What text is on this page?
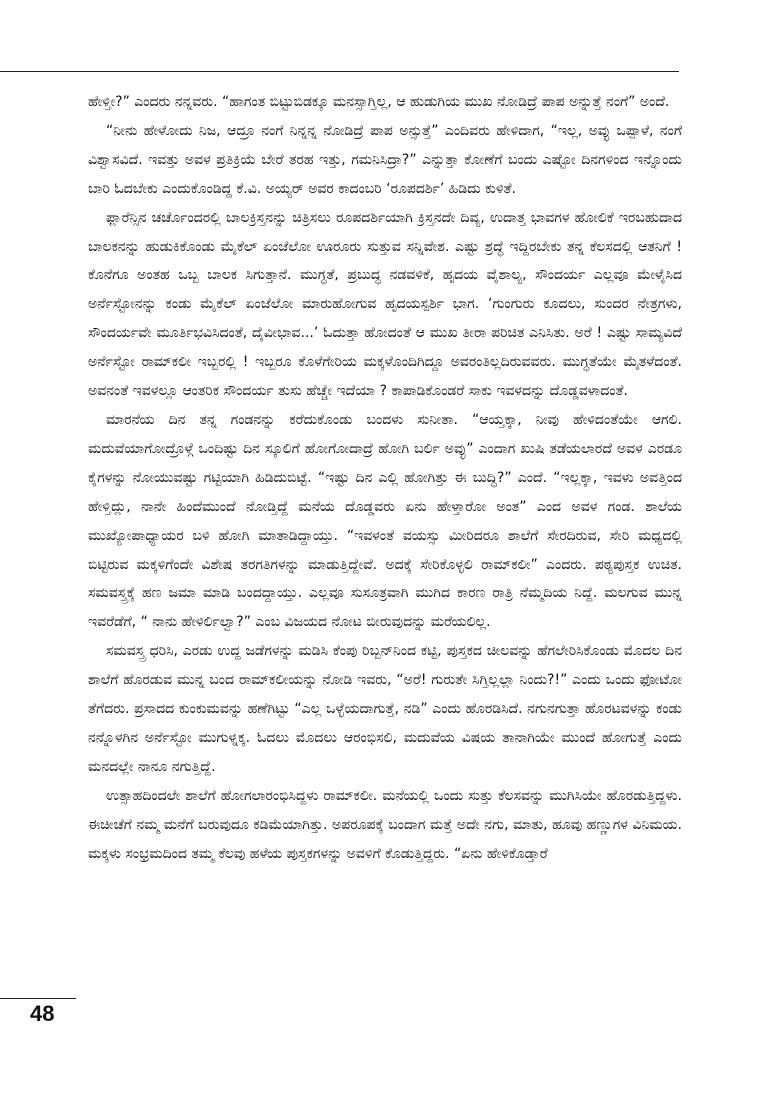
ಹೇಳ್ತೀ?” ಎಂದರು ನನ್ನವರು. “ಹಾಗಂತ ಬಿಟ್ಟುಬಿಡಕ್ಕೂ ಮನಸ್ಸಾಗ್ತಿಲ್ಲ, ಆ ಹುಡುಗಿಯ ಮುಖ ನೋಡಿದ್ರೆ ಪಾಪ ಅನ್ನುತ್ತೆ ನಂಗೆ” ಅಂದೆ.

“ನೀನು ಹೇಳೋದು ನಿಜ, ಆದ್ರೂ ನಂಗೆ ನಿನ್ನನ್ನ ನೋಡಿದ್ರೆ ಪಾಪ ಅನ್ಸುತ್ತೆ” ಎಂದಿವರು ಹೇಳಿದಾಗ, “ಇಲ್ಲ, ಅವ್ಳು ಒಪ್ಪಾಳೆ, ನಂಗೆ ವಿಶ್ವಾಸವಿದೆ. ಇವತ್ತು ಅವಳ ಪ್ರತಿಕ್ರಿಯೆ ಬೇರೆ ತರಹ ಇತ್ತು, ಗಮನಿಸಿದ್ರಾ?” ಎನ್ನುತ್ತಾ ಕೋಣೆಗೆ ಬಂದು ಎಷ್ಟೋ ದಿನಗಳಿಂದ ಇನ್ನೊಂದು ಬಾರಿ ಓದಬೇಕು ಎಂದುಕೊಂಡಿದ್ದ ಕೆ.ವಿ. ಅಯ್ಯರ್ ಅವರ ಕಾದಂಬರಿ ‘ರೂಪದರ್ಶಿ’ ಹಿಡಿದು ಕುಳಿತೆ.

ಫ್ಲಾರೆನ್ಸಿನ ಚರ್ಚೊಂದರಲ್ಲಿ ಬಾಲಕ್ರಿಸ್ತನನ್ನು ಚಿತ್ರಿಸಲು ರೂಪದರ್ಶಿಯಾಗಿ ಕ್ರಿಸ್ತನದೇ ದಿವ್ಯ, ಉದಾತ್ತ ಭಾವಗಳ ಹೋಲಿಕೆ ಇರಬಹುದಾದ ಬಾಲಕನನ್ನು ಹುಡುಕಿಕೊಂಡು ಮೈಕೆಲ್ ಏಂಜೆಲೋ ಊರೂರು ಸುತ್ತುವ ಸನ್ನಿವೇಶ. ಎಷ್ಟು ಶ್ರದ್ಧೆ ಇದ್ದಿರಬೇಕು ತನ್ನ ಕೆಲಸದಲ್ಲಿ ಆತನಿಗೆ ! ಕೊನೆಗೂ ಅಂತಹ ಒಬ್ಬ ಬಾಲಕ ಸಿಗುತ್ತಾನೆ. ಮುಗ್ಧತೆ, ಪ್ರಬುದ್ಧ ನಡವಳಿಕೆ, ಹೃದಯ ವೈಶಾಲ್ಯ, ಸೌಂದರ್ಯ ಎಲ್ಲವೂ ಮೇಳೈಸಿದ ಅರ್ನೆಸ್ಟೋನನ್ನು ಕಂಡು ಮೈಕೆಲ್ ಏಂಜೆಲೋ ಮಾರುಹೋಗುವ ಹೃದಯಸ್ಪರ್ಶಿ ಭಾಗ. ‘ಗುಂಗುರು ಕೂದಲು, ಸುಂದರ ನೇತ್ರಗಳು, ಸೌಂದರ್ಯವೇ ಮೂರ್ತಿಭವಿಸಿದಂತೆ, ದೈವೀಭಾವ...’ ಓದುತ್ತಾ ಹೋದಂತೆ ಆ ಮುಖ ತೀರಾ ಪರಿಚಿತ ಎನಿಸಿತು. ಅರೆ ! ಎಷ್ಟು ಸಾಮ್ಯವಿದೆ ಅರ್ನೆಸ್ಟೋ ರಾಮ್‌ಕಲೀ ಇಬ್ಬರಲ್ಲಿ ! ಇಬ್ಬರೂ ಕೊಳೆಗೇರಿಯ ಮಕ್ಕಳೊಂದಿಗಿದ್ದೂ ಅವರಂತಿಲ್ಲದಿರುವವರು. ಮುಗ್ಧತೆಯೇ ಮೈತಳೆದಂತೆ. ಅವನಂತೆ ಇವಳಲ್ಲೂ ಆಂತರಿಕ ಸೌಂದರ್ಯ ತುಸು ಹೆಚ್ಚೇ ಇದೆಯಾ ? ಕಾಪಾಡಿಕೊಂಡರೆ ಸಾಕು ಇವಳದನ್ನು ದೊಡ್ಡವಳಾದಂತೆ.

ಮಾರನೆಯ ದಿನ ತನ್ನ ಗಂಡನನ್ನು ಕರೆದುಕೊಂಡು ಬಂದಳು ಸುನೀತಾ. “ಆಯ್ತಕ್ಕಾ, ನೀವು ಹೇಳಿದಂತೆಯೇ ಆಗಲಿ. ಮದುವೆಯಾಗೋದ್ರೊಳ್ಗೆ ಒಂದಿಷ್ಟು ದಿನ ಸ್ಕೂಲಿಗೆ ಹೋಗೋದಾದ್ರೆ ಹೋಗಿ ಬರ್ಲಿ ಅವ್ಳು” ಎಂದಾಗ ಖುಷಿ ತಡೆಯಲಾರದೆ ಅವಳ ಎರಡೂ ಕೈಗಳನ್ನು ನೋಯುವಷ್ಟು ಗಟ್ಟಿಯಾಗಿ ಹಿಡಿದುಬಿಟ್ಟೆ. “ಇಷ್ಟು ದಿನ ಎಲ್ಲಿ ಹೋಗಿತ್ತು ಈ ಬುದ್ಧಿ?” ಎಂದೆ. “ಇಲ್ಲಕ್ಕಾ, ಇವಳು ಅವತ್ತಿಂದ ಹೇಳ್ತಿದ್ಲು, ನಾನೇ ಹಿಂದೆಮುಂದೆ ನೋಡ್ತಿದ್ದೆ ಮನೆಯ ದೊಡ್ಡವರು ಏನು ಹೇಳ್ತಾರೋ ಅಂತ” ಎಂದ ಅವಳ ಗಂಡ. ಶಾಲೆಯ ಮುಖ್ಯೋಪಾಧ್ಯಾಯರ ಬಳಿ ಹೋಗಿ ಮಾತಾಡಿದ್ದಾಯ್ತು. “ಇವಳಂತೆ ವಯಸ್ಸು ಮೀರಿದರೂ ಶಾಲೆಗೆ ಸೇರದಿರುವ, ಸೇರಿ ಮಧ್ಯದಲ್ಲಿ ಬಿಟ್ಟಿರುವ ಮಕ್ಕಳಿಗೆಂದೇ ವಿಶೇಷ ತರಗತಿಗಳನ್ನು ಮಾಡುತ್ತಿದ್ದೇವೆ. ಅದಕ್ಕೆ ಸೇರಿಕೊಳ್ಳಲಿ ರಾಮ್‌ಕಲೀ” ಎಂದರು. ಪಠ್ಯಪುಸ್ತಕ ಉಚಿತ. ಸಮವಸ್ತ್ರಕ್ಕೆ ಹಣ ಜಮಾ ಮಾಡಿ ಬಂದದ್ದಾಯ್ತು. ಎಲ್ಲವೂ ಸುಸೂತ್ರವಾಗಿ ಮುಗಿದ ಕಾರಣ ರಾತ್ರಿ ನೆಮ್ಮದಿಯ ನಿದ್ದೆ. ಮಲಗುವ ಮುನ್ನ ಇವರೆಡೆಗೆ, “ ನಾನು ಹೇಳಿರ್ಲಿಲ್ವಾ?” ಎಂಬ ವಿಜಯದ ನೋಟ ಬೀರುವುದನ್ನು ಮರೆಯಲಿಲ್ಲ.

ಸಮವಸ್ತ್ರ ಧರಿಸಿ, ಎರಡು ಉದ್ದ ಜಡೆಗಳನ್ನು ಮಡಿಸಿ ಕೆಂಪು ರಿಬ್ಬನ್‌ನಿಂದ ಕಟ್ಟಿ, ಪುಸ್ತಕದ ಚೀಲವನ್ನು ಹೆಗಲೇರಿಸಿಕೊಂಡು ಮೊದಲ ದಿನ ಶಾಲೆಗೆ ಹೊರಡುವ ಮುನ್ನ ಬಂದ ರಾಮ್‌ಕಲೀಯನ್ನು ನೋಡಿ ಇವರು, “ಅರೆ! ಗುರುತೇ ಸಿಗ್ತಿಲ್ಲಲ್ಲಾ ನಿಂದು?!” ಎಂದು ಒಂದು ಫೋಟೋ ತೆಗೆದರು. ಪ್ರಸಾದದ ಕುಂಕುಮವನ್ನು ಹಣೆಗಿಟ್ಟು “ಎಲ್ಲ ಒಳ್ಳೆಯದಾಗುತ್ತೆ, ನಡಿ” ಎಂದು ಹೊರಡಿಸಿದೆ. ನಗುನಗುತ್ತಾ ಹೊರಟವಳನ್ನು ಕಂಡು ನನ್ನೊಳಗಿನ ಅರ್ನೆಸ್ಟೋ ಮುಗುಳ್ನಕ್ಕ. ಓದಲು ಮೊದಲು ಆರಂಭಿಸಲಿ, ಮದುವೆಯ ವಿಷಯ ತಾನಾಗಿಯೇ ಮುಂದೆ ಹೋಗುತ್ತೆ ಎಂದು ಮನದಲ್ಲೇ ನಾನೂ ನಗುತ್ತಿದ್ದೆ.

ಉತ್ಸಾಹದಿಂದಲೇ ಶಾಲೆಗೆ ಹೋಗಲಾರಂಭಿಸಿದ್ದಳು ರಾಮ್‌ಕಲೀ. ಮನೆಯಲ್ಲಿ ಒಂದು ಸುತ್ತು ಕೆಲಸವನ್ನು ಮುಗಿಸಿಯೇ ಹೊರಡುತ್ತಿದ್ದಳು. ಈಚೀಚೆಗೆ ನಮ್ಮ ಮನೆಗೆ ಬರುವುದೂ ಕಡಿಮೆಯಾಗಿತ್ತು. ಅಪರೂಪಕ್ಕೆ ಬಂದಾಗ ಮತ್ತೆ ಅದೇ ನಗು, ಮಾತು, ಹೂವು ಹಣ್ಣುಗಳ ವಿನಿಮಯ. ಮಕ್ಕಳು ಸಂಭ್ರಮದಿಂದ ತಮ್ಮ ಕೆಲವು ಹಳೆಯ ಪುಸ್ತಕಗಳನ್ನು ಅವಳಿಗೆ ಕೊಡುತ್ತಿದ್ದರು. “ಏನು ಹೇಳಿಕೊಡ್ತಾರೆ

48
